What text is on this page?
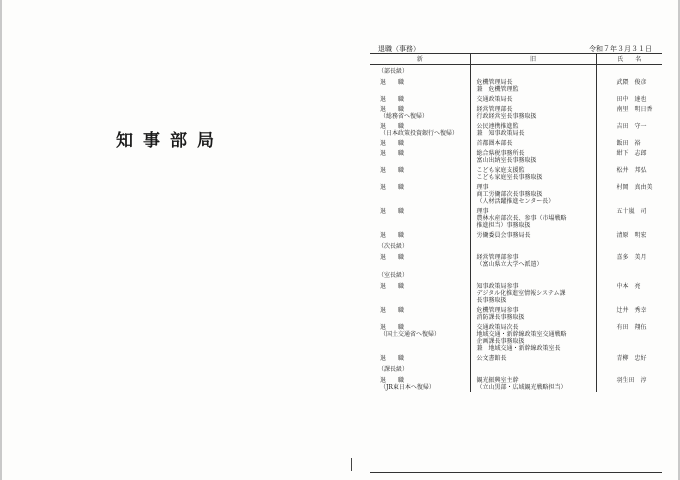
知事部局
退職（事務）	令和７年３月３１日
新	旧	氏　　名
（部長級）		

退　　職	危機管理局長
兼　危機管理監	武隈　俊彦

退　　職	交通政策局長	田中　達也

退　　職
（総務省へ復帰）	経営管理部長
行政経営室長事務取扱	南里　明日香

退　　職
（日本政策投資銀行へ復帰）	公民連携推進監
兼　知事政策局長	吉田　守一

退　　職	首都圏本部長	飯田　裕

退　　職	総合県税事務所長
富山出納室長事務取扱	紺下　志郎

退　　職	こども家庭支援監
こども家庭室長事務取扱	松井　邦弘

退　　職	理事
商工労働部次長事務取扱
（人材活躍推進センター長）	村岡　真由美

退　　職	理事
農林水産部次長、参事（市場戦略
推進担当）事務取扱	五十嵐　司

退　　職	労働委員会事務局長	清原　明宏
（次長級）		

退　　職	経営管理部参事
（富山県立大学へ派遣）	喜多　美月
（室長級）		

退　　職	知事政策局参事
デジタル化推進室情報システム課
長事務取扱	中本　亮

退　　職	危機管理局参事
消防課長事務取扱	辻井　秀幸

退　　職
（国土交通省へ復帰）	交通政策局次長
地域交通・新幹線政策室交通戦略
企画課長事務取扱
兼　地域交通・新幹線政策室長	有田　翔伍

退　　職	公文書館長	青柳　忠好
（課長級）		

退　　職
（JR東日本へ復帰）	観光振興室主幹
（立山黒部・広域観光戦略担当）	羽生田　淳
